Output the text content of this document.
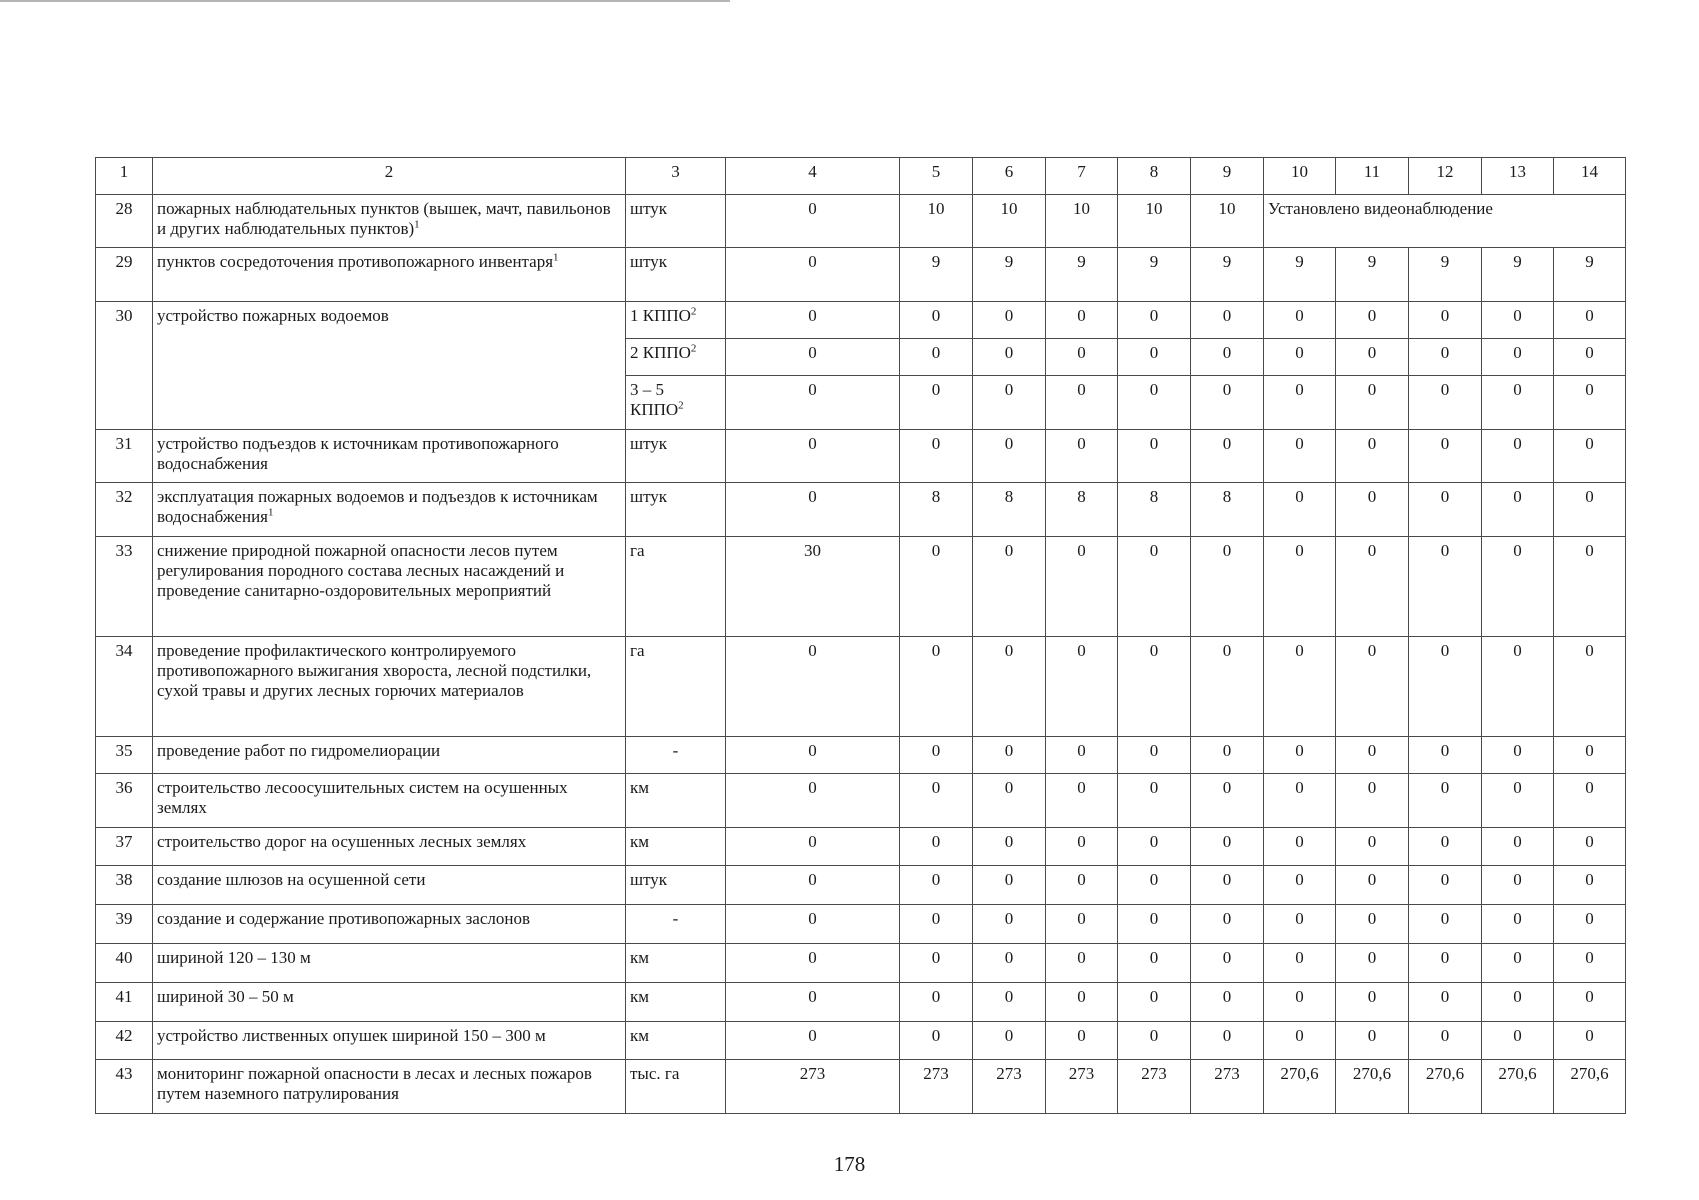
1	2	3	4	5	6	7	8	9	10	11	12	13	14
28	пожарных наблюдательных пунктов (вышек, мачт, павильонов и других наблюдательных пунктов)$^1$	штук	0	10	10	10	10	10	Установлено видеонаблюдение				
29	пунктов сосредоточения противопожарного инвентаря$^1$	штук	0	9	9	9	9	9	9	9	9	9	9
30	устройство пожарных водоемов	1 КППО$^2$	0	0	0	0	0	0	0	0	0	0	0
		2 КППО$^2$	0	0	0	0	0	0	0	0	0	0	0
		3 – 5 КППО$^2$	0	0	0	0	0	0	0	0	0	0	0
31	устройство подъездов к источникам противопожарного водоснабжения	штук	0	0	0	0	0	0	0	0	0	0	0
32	эксплуатация пожарных водоемов и подъездов к источникам водоснабжения$^1$	штук	0	8	8	8	8	8	0	0	0	0	0
33	снижение природной пожарной опасности лесов путем регулирования породного состава лесных насаждений и проведение санитарно-оздоровительных мероприятий	га	30	0	0	0	0	0	0	0	0	0	0
34	проведение профилактического контролируемого противопожарного выжигания хвороста, лесной подстилки, сухой травы и других лесных горючих материалов	га	0	0	0	0	0	0	0	0	0	0	0
35	проведение работ по гидромелиорации	-	0	0	0	0	0	0	0	0	0	0	0
36	строительство лесоосушительных систем на осушенных землях	км	0	0	0	0	0	0	0	0	0	0	0
37	строительство дорог на осушенных лесных землях	км	0	0	0	0	0	0	0	0	0	0	0
38	создание шлюзов на осушенной сети	штук	0	0	0	0	0	0	0	0	0	0	0
39	создание и содержание противопожарных заслонов	-	0	0	0	0	0	0	0	0	0	0	0
40	шириной 120 – 130 м	км	0	0	0	0	0	0	0	0	0	0	0
41	шириной 30 – 50 м	км	0	0	0	0	0	0	0	0	0	0	0
42	устройство лиственных опушек шириной 150 – 300 м	км	0	0	0	0	0	0	0	0	0	0	0
43	мониторинг пожарной опасности в лесах и лесных пожаров путем наземного патрулирования	тыс. га	273	273	273	273	273	273	270,6	270,6	270,6	270,6	270,6
178
